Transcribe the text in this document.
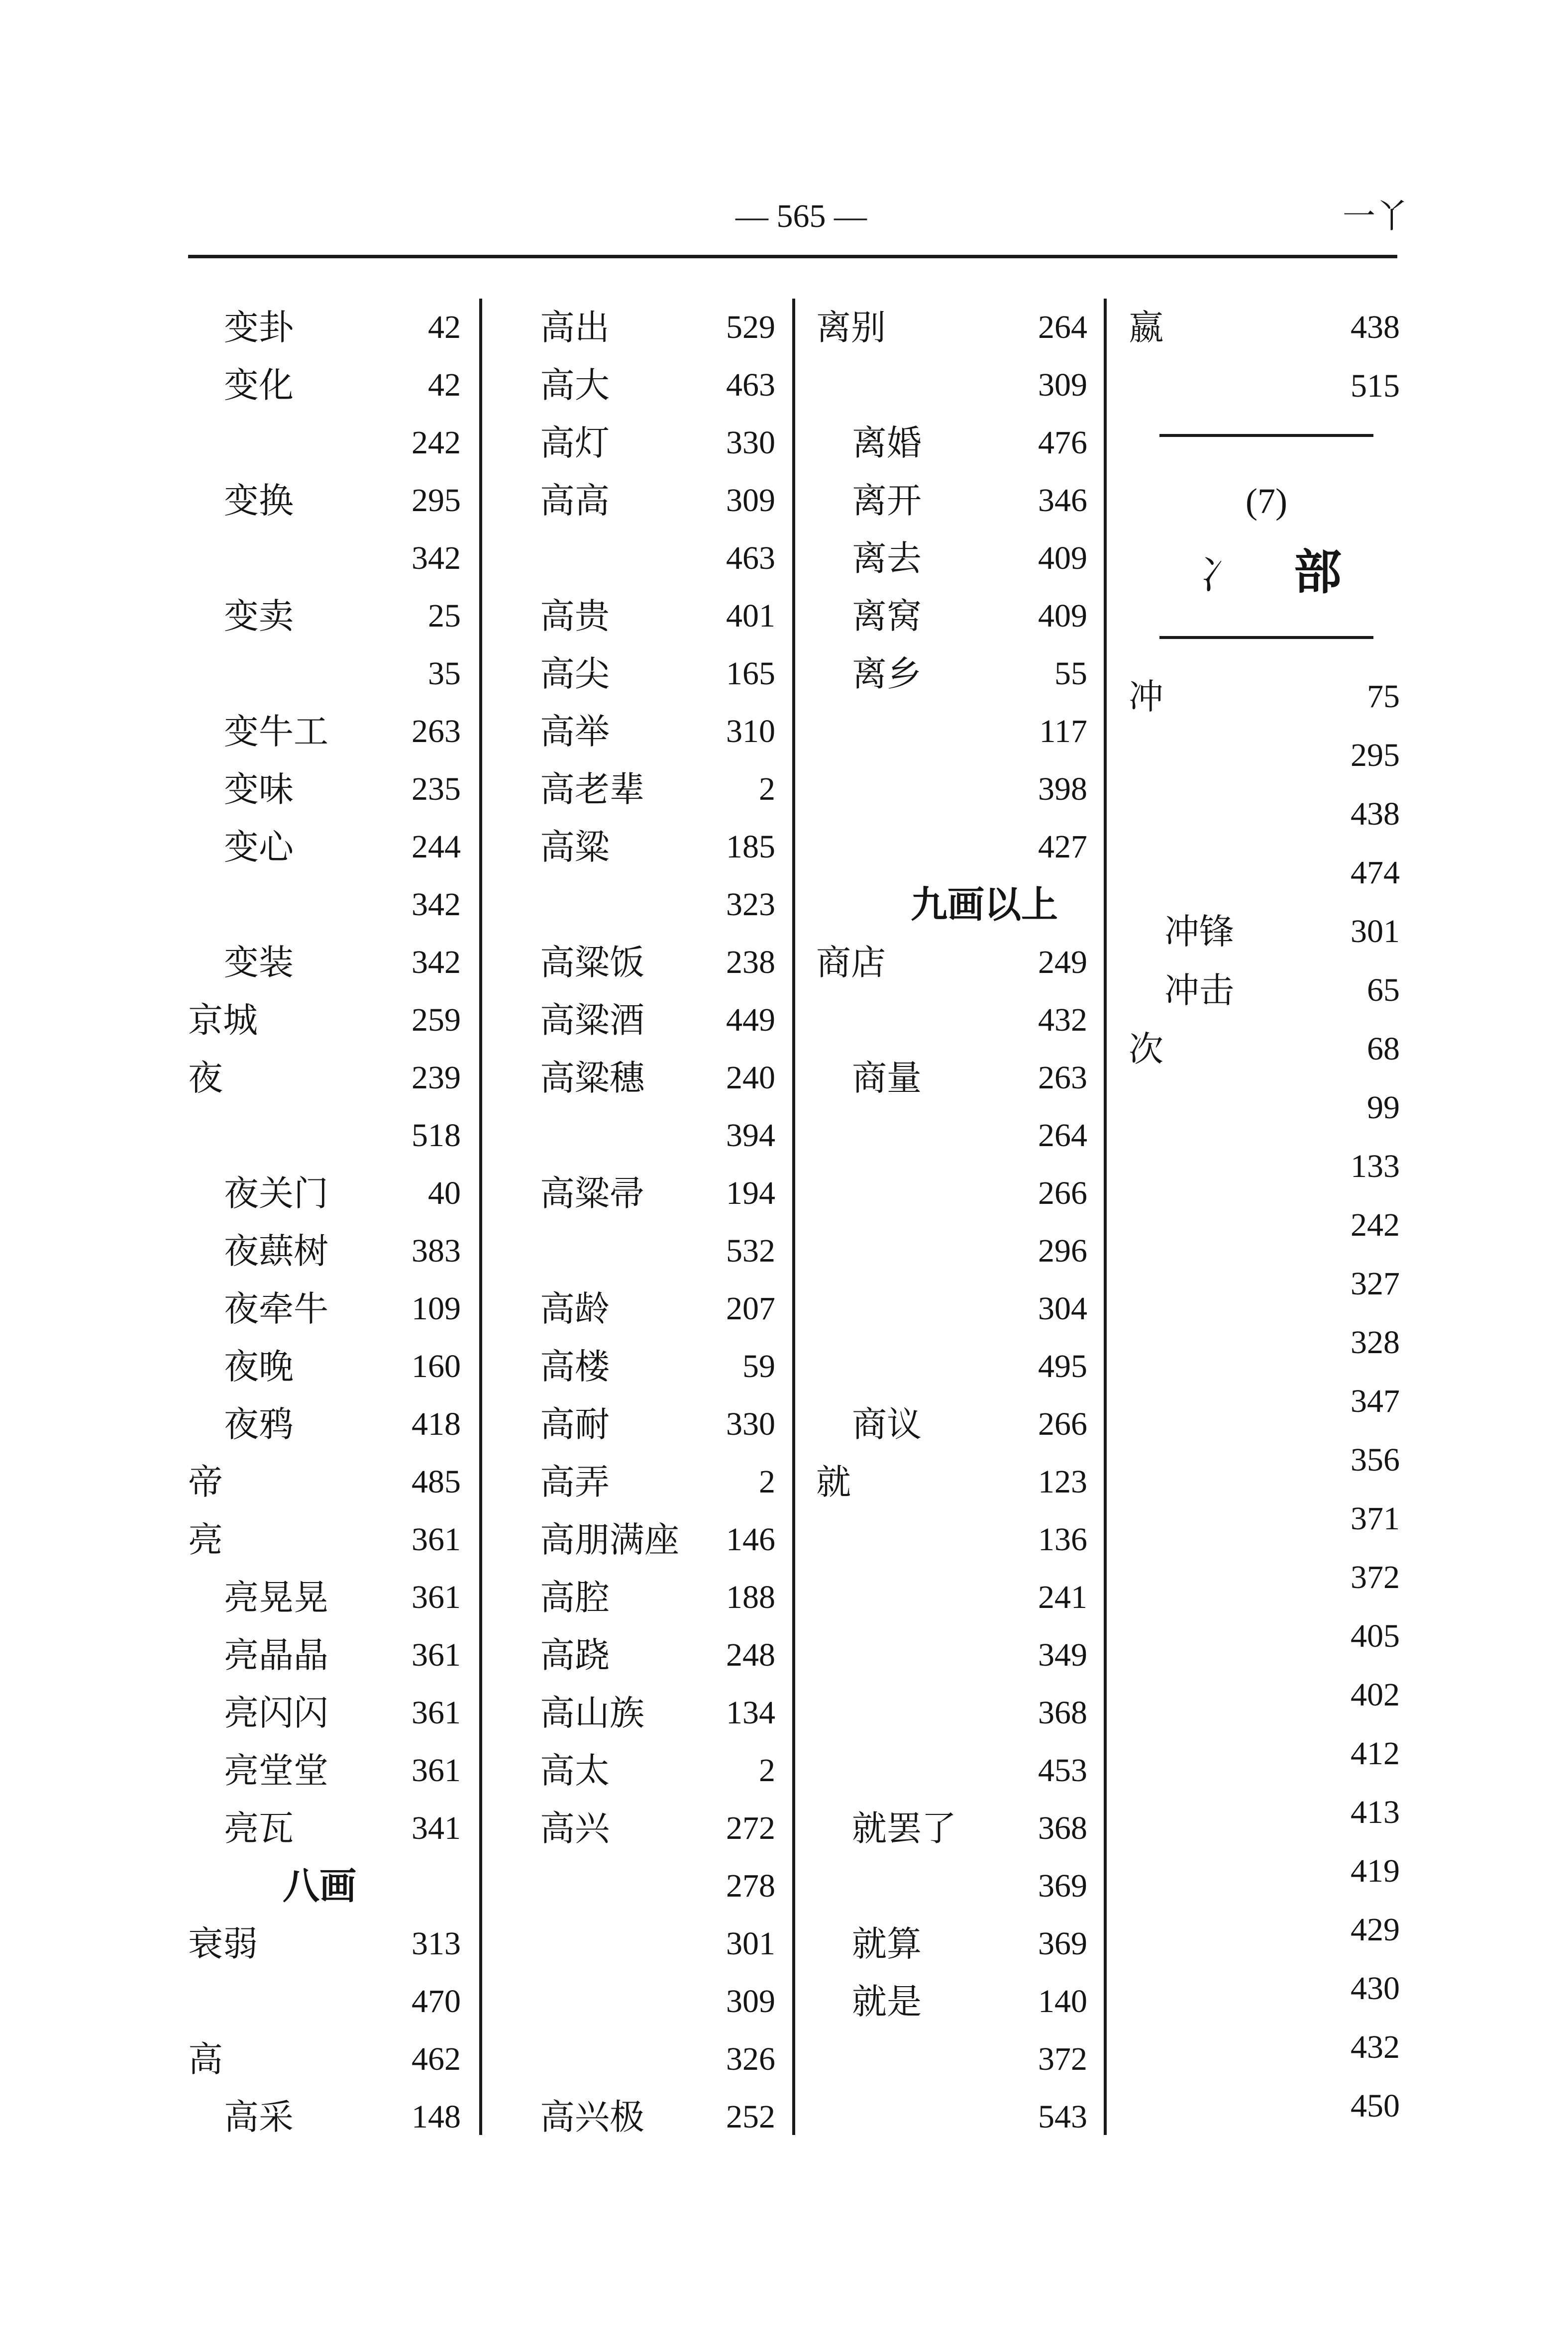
— 565 —	一丫
变卦	42
变化	42
242
变换	295
342
变卖	25
35
变牛工	263
变味	235
变心	244
342
变装	342
京城	259
夜	239
518
夜关门	40
夜蕻树	383
夜牵牛	109
夜晚	160
夜鸦	418
帝	485
亮	361
亮晃晃	361
亮晶晶	361
亮闪闪	361
亮堂堂	361
亮瓦	341
八画
衰弱	313
470
高	462
高采	148
高出	529
高大	463
高灯	330
高高	309
463
高贵	401
高尖	165
高举	310
高老辈	2
高粱	185
323
高粱饭 238
高粱酒 449
高粱穗 240
394
高粱帚 194
532
高龄	207
高楼	59
高耐	330
高弄	2
高朋满座 146
高腔	188
高跷	248
高山族 134
高太	2
高兴	272
278
301
309
326
高兴极 252
离别	264
309
离婚	476
离开	346
离去	409
离窝	409
离乡	55
117
398
427
九画以上
商店	249
432
商量	263
264
266
296
304
495
商议	266
就	123
136
241
349
368
453
就罢了 368
369
就算	369
就是	140
372
543
嬴	438
515
(7)
冫 部
冲	75
295
438
474
冲锋	301
冲击	65
次	68
99
133
242
327
328
347
356
371
372
405
402
412
413
419
429
430
432
450
